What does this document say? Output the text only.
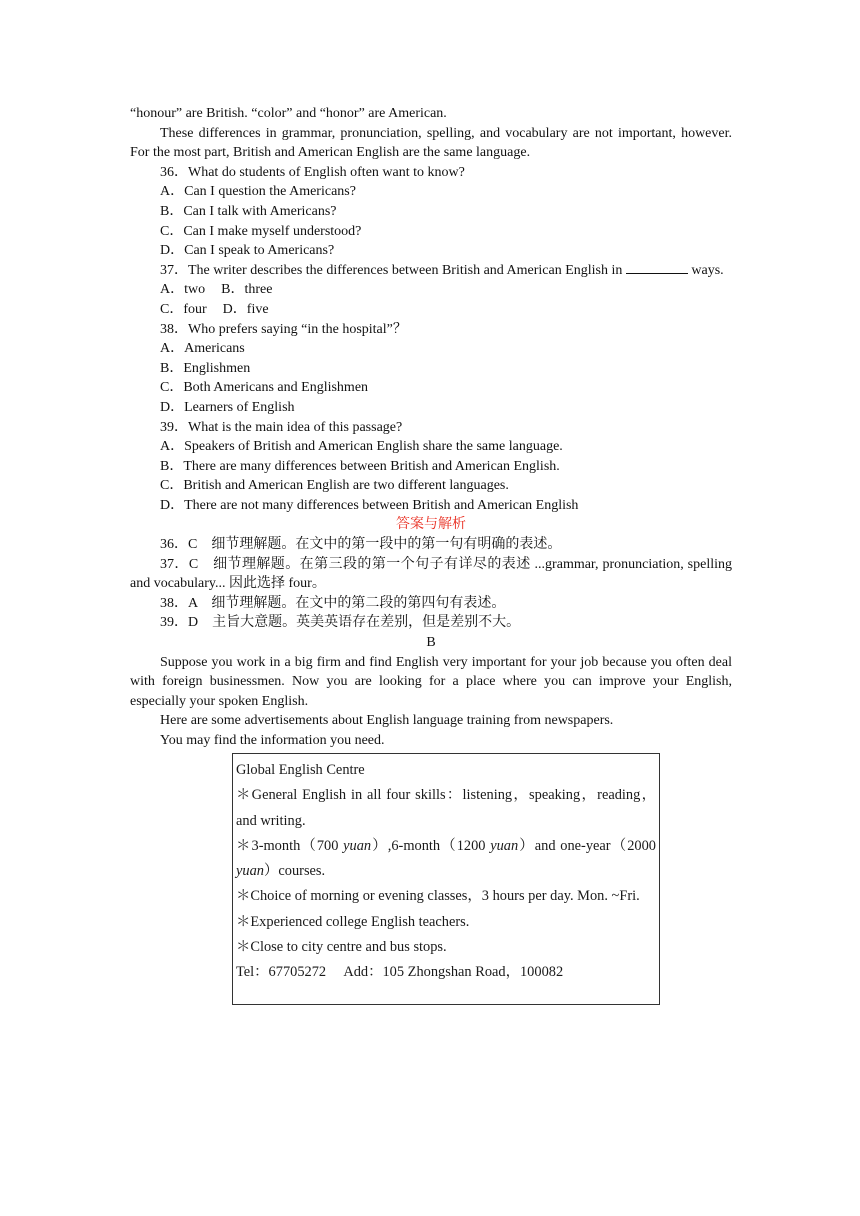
“honour” are British. “color” and “honor” are American.

These differences in grammar, pronunciation, spelling, and vocabulary are not important, however. For the most part, British and American English are the same language.

36．What do students of English often want to know?

A．Can I question the Americans?

B．Can I talk with Americans?

C．Can I make myself understood?

D．Can I speak to Americans?

37．The writer describes the differences between British and American English in	ways.

A．two B．three

C．four D．five

38．Who prefers saying “in the hospital”？

A．Americans

B．Englishmen

C．Both Americans and Englishmen

D．Learners of English

39．What is the main idea of this passage?

A．Speakers of British and American English share the same language.

B．There are many differences between British and American English.

C．British and American English are two different languages.

D．There are not many differences between British and American English

答案与解析

36．C　细节理解题。在文中的第一段中的第一句有明确的表述。

37．C　细节理解题。在第三段的第一个句子有详尽的表述 ...grammar, pronunciation, spelling and vocabulary... 因此选择 four。

38．A　细节理解题。在文中的第二段的第四句有表述。

39．D　主旨大意题。英美英语存在差别，但是差别不大。

B

Suppose you work in a big firm and find English very important for your job because you often deal with foreign businessmen. Now you are looking for a place where you can improve your English, especially your spoken English.

Here are some advertisements about English language training from newspapers.

You may find the information you need.

Global English Centre

＊General English in all four skills：listening，speaking，reading，and writing.

＊3-month（700 yuan）,6-month（1200 yuan）and one-year（2000 yuan）courses.

＊Choice of morning or evening classes，3 hours per day. Mon. ~Fri.

＊Experienced college English teachers.

＊Close to city centre and bus stops.

Tel：67705272　 Add：105 Zhongshan Road，100082
